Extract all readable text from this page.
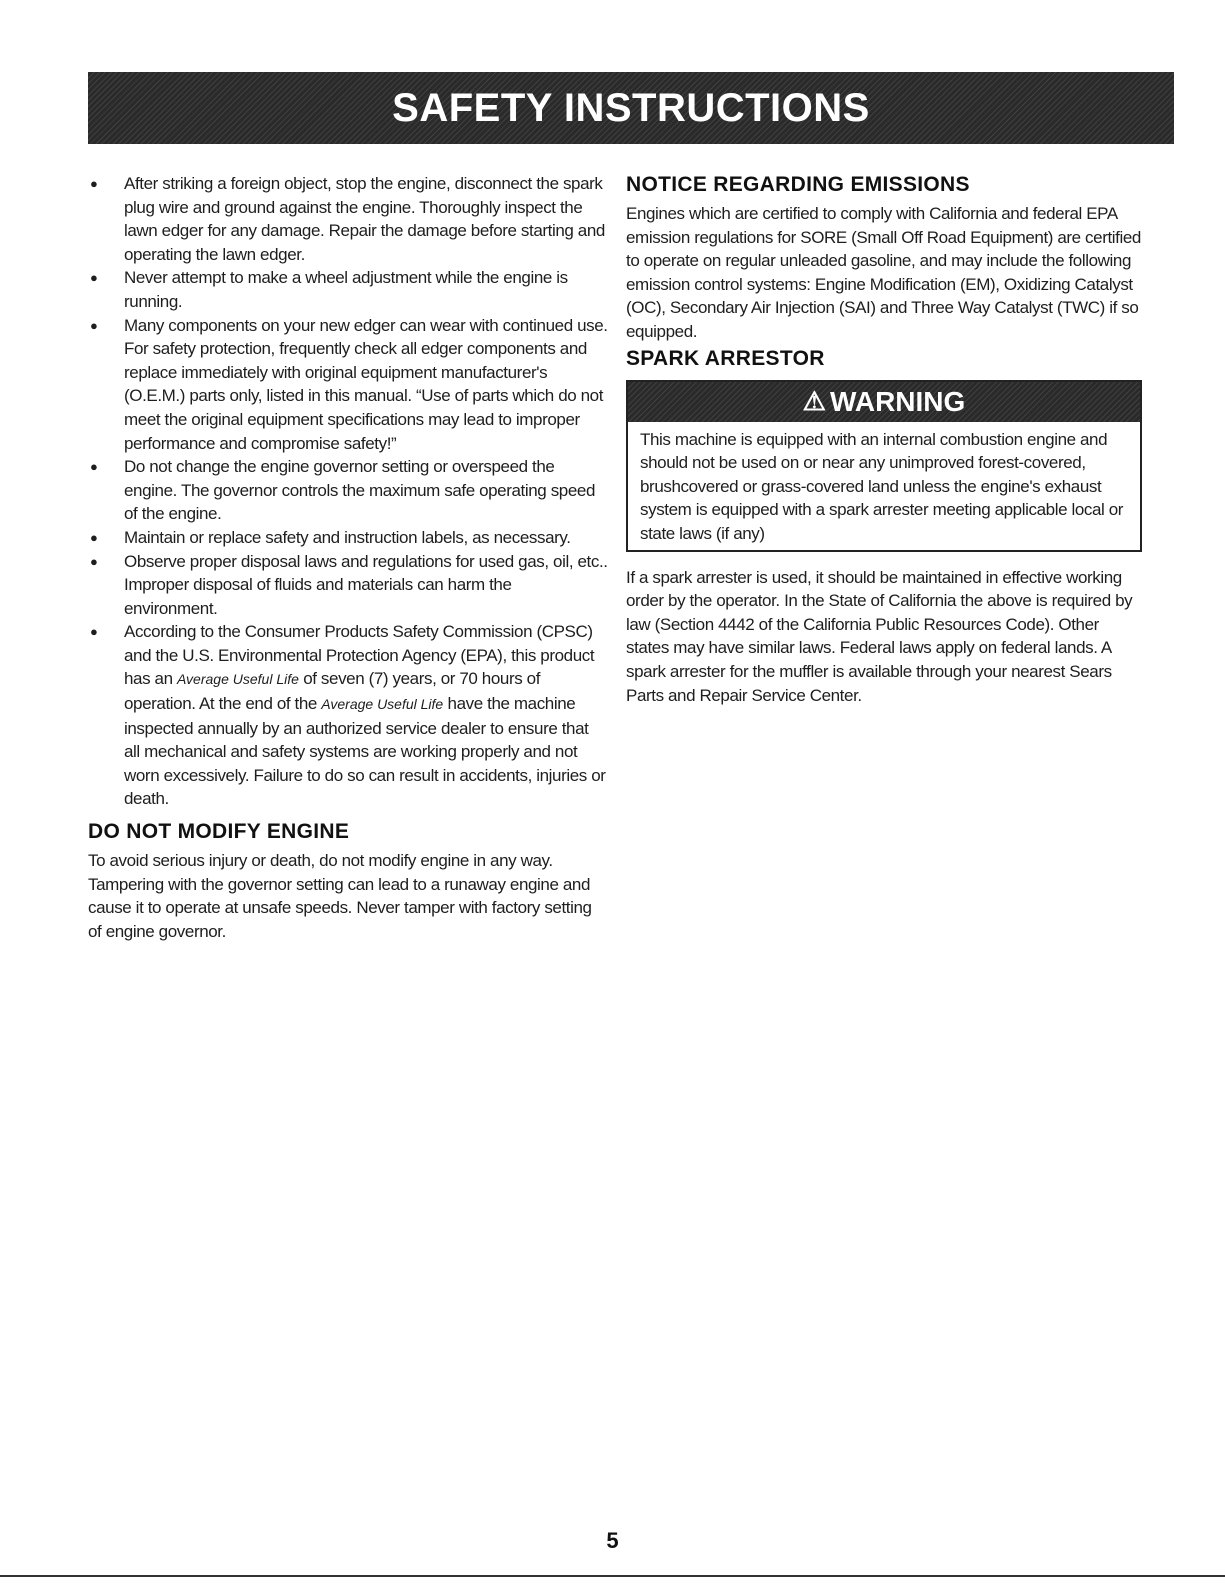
SAFETY INSTRUCTIONS
● After striking a foreign object, stop the engine, disconnect the spark plug wire and ground against the engine. Thoroughly inspect the lawn edger for any damage. Repair the damage before starting and operating the lawn edger.
● Never attempt to make a wheel adjustment while the engine is running.
● Many components on your new edger can wear with continued use. For safety protection, frequently check all edger components and replace immediately with original equipment manufacturer's (O.E.M.) parts only, listed in this manual. “Use of parts which do not meet the original equipment specifications may lead to improper performance and compromise safety!”
● Do not change the engine governor setting or overspeed the engine. The governor controls the maximum safe operating speed of the engine.
● Maintain or replace safety and instruction labels, as necessary.
● Observe proper disposal laws and regulations for used gas, oil, etc.. Improper disposal of fluids and materials can harm the environment.
● According to the Consumer Products Safety Commission (CPSC) and the U.S. Environmental Protection Agency (EPA), this product has an Average Useful Life of seven (7) years, or 70 hours of operation. At the end of the Average Useful Life have the machine inspected annually by an authorized service dealer to ensure that all mechanical and safety systems are working properly and not worn excessively. Failure to do so can result in accidents, injuries or death.
DO NOT MODIFY ENGINE

To avoid serious injury or death, do not modify engine in any way. Tampering with the governor setting can lead to a runaway engine and cause it to operate at unsafe speeds. Never tamper with factory setting of engine governor.

NOTICE REGARDING EMISSIONS

Engines which are certified to comply with California and federal EPA emission regulations for SORE (Small Off Road Equipment) are certified to operate on regular unleaded gasoline, and may include the following emission control systems: Engine Modification (EM), Oxidizing Catalyst (OC), Secondary Air Injection (SAI) and Three Way Catalyst (TWC) if so equipped.

SPARK ARRESTOR
⚠ WARNING
This machine is equipped with an internal combustion engine and should not be used on or near any unimproved forest-covered, brushcovered or grass-covered land unless the engine's exhaust system is equipped with a spark arrester meeting applicable local or state laws (if any)

If a spark arrester is used, it should be maintained in effective working order by the operator. In the State of California the above is required by law (Section 4442 of the California Public Resources Code). Other states may have similar laws. Federal laws apply on federal lands. A spark arrester for the muffler is available through your nearest Sears Parts and Repair Service Center.

5
